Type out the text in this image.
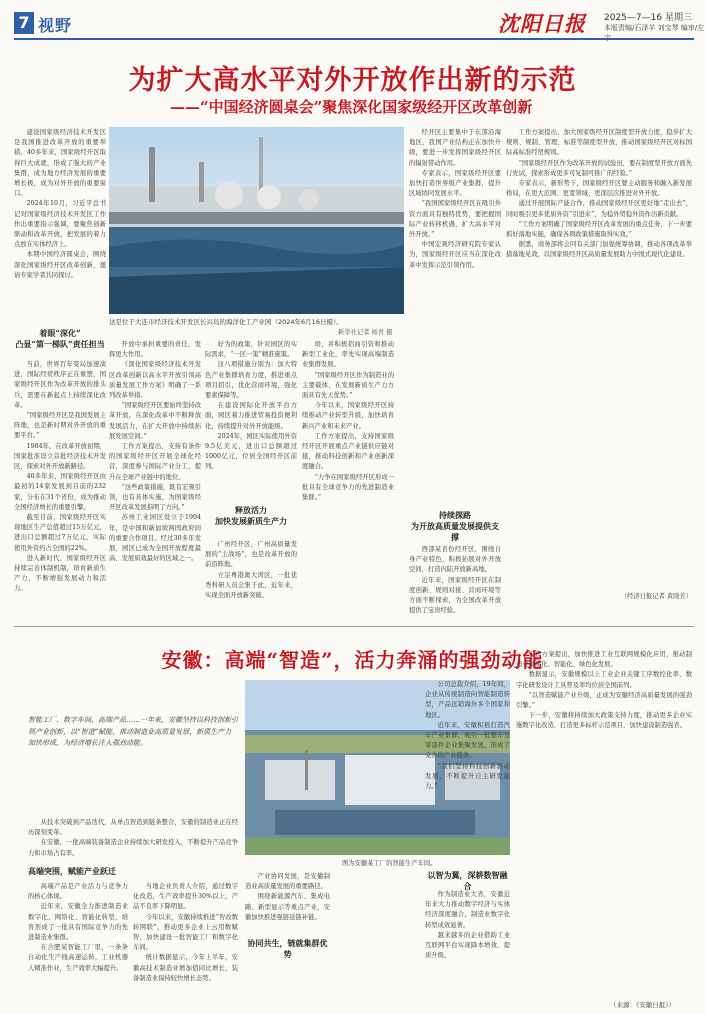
7 视野	沈阳日报 2025—7—16 星期三
本版责编/石泽羊 刘宝琴 编审/左
为扩大高水平对外开放作出新的示范
——“中国经济圆桌会”聚焦深化国家级经开区改革创新

建设国家级经济技术开发区是我国推进改革开放的重要举措，40多年来，国家级经开区取得巨大成就，形成了强大的产业集群，成为地方经济发展的重要增长极，成为对外开放的重要窗口。

2024年10月，习近平总书记对国家级经济技术开发区工作作出重要指示强调，要聚焦创新驱动和改革开放，把发展的着力点放在实体经济上。

本期中国经济圆桌会，围绕深化国家级经开区改革创新，邀请专家学者共同探讨。

着眼“深化”
凸显“第一梯队”责任担当

当前，世界百年变局加速演进，国际经贸秩序正在重塑，国家级经开区作为改革开放的排头兵，需要在新起点上持续深化改革。

“国家级经开区是我国发展主阵地，也是新时期对外开放的重要平台。”

1984年，在改革开放初期，国家批准设立首批经济技术开发区，探索对外开放新路径。

40多年来，国家级经开区由最初的14家发展到目前的232家，分布在31个省份，成为推动全国经济增长的重要引擎。

截至目前，国家级经开区实现地区生产总值超过15万亿元，进出口总额超过7万亿元，实际使用外资约占全国的22%。

进入新时代，国家级经开区持续完善体制机制，培育新质生产力，不断增强发展动力和活力。

这是位于大连市经济技术开发区长兴岛的海洋化工产业园（2024年6月16日摄）。
新华社记者 杨青 摄

开放中承担重要的责任，发挥更大作用。

《深化国家级经济技术开发区改革创新以高水平开放引领高质量发展工作方案》明确了一系列改革举措。

“国家级经开区要始终坚持改革开放，在深化改革中不断释放发展活力，在扩大开放中持续拓展发展空间。”

工作方案提出，支持有条件的国家级经开区开展全球化经营，深度参与国际产业分工，提升在全球产业链中的地位。

“这些政策措施，既有宏观引领，也有具体实施，为国家级经开区改革发展指明了方向。”

苏州工业园区设立于1994年，是中国和新加坡两国政府间的重要合作项目。经过30多年发展，园区已成为全国开放程度最高、发展质效最好的区域之一。

好为的政策，针对园区的实际需求，“一区一策”精准施策。

这八项措施分别为：加大特色产业集群培育力度，推进重点项目招引，优化营商环境，强化要素保障等。

在建设国际化开放平台方面，园区着力推进贸易投资便利化，持续提升对外开放能级。

2024年，园区实际使用外资9.5亿美元，进出口总额超过1000亿元，位居全国经开区前列。

释放活力
加快发展新质生产力

广州经开区，广州高质量发展的“主战场”，也是改革开放的前沿阵地。

立足粤港澳大湾区，一批优秀科研人员会集于此，近年来，实现全面开放新突破。

培，并积极招商引资和推动新型工业化，率先实现高端制造业集群发展。

“国家级经开区作为制造业的主要载体，在发展新质生产力方面具有先天优势。”

今年以来，国家级经开区持续推动产业转型升级，加快培育新兴产业和未来产业。

工作方案提出，支持国家级经开区开展重点产业链供应链对接，推动科技创新和产业创新深度融合。

“力争在国家级经开区形成一批具有全球竞争力的先进制造业集群。”

经开区主要集中于东部沿海地区，我国产业结构正在加快升级，要进一步发挥国家级经开区的辐射带动作用。

专家表示，国家级经开区要加快打造世界级产业集群，提升区域协同发展水平。

“我国国家级经开区在吸引外资方面具有独特优势，要把握国际产业转移机遇，扩大高水平对外开放。”

中国宏观经济研究院专家认为，国家级经开区应当在深化改革中发挥示范引领作用。

持续探路
为开放高质量发展提供支撑

西部某省份经开区，围绕自身产业特色，积极拓展对外开放空间，打造内陆开放新高地。

近年来，国家级经开区在制度创新、规则对接、营商环境等方面不断探索，为全国改革开放提供了宝贵经验。

工作方案提出，加大国家级经开区制度型开放力度，稳步扩大规则、规制、管理、标准等制度型开放，推动国家级经开区对标国际高标准经贸规则。

“国家级经开区作为改革开放的试验田，要在制度型开放方面先行先试，探索形成更多可复制可推广的经验。”

专家表示，新形势下，国家级经开区要主动服务和融入新发展格局，在更大范围、更宽领域、更深层次推进对外开放。

通过开展国际产能合作，推动国家级经开区更好地“走出去”，同时吸引更多优质外资“引进来”，为稳外贸稳外资作出新贡献。

“工作方案明确了国家级经开区改革发展的重点任务，下一步要抓好落地实施，确保各项政策措施取得实效。”

据悉，商务部将会同有关部门加强统筹协调，推动各项改革举措落地见效，以国家级经开区高质量发展助力中国式现代化建设。

（经济日报记者 黄晓芳）
安徽：高端“智造”，活力奔涌的强劲动能
智能工厂、数字车间、高端产品……一年来，安徽坚持以科技创新引领产业创新，以“智造”赋能，推动制造业高质量发展，新质生产力加快形成，为经济增长注入强劲动能。

从技术突破到产品迭代，从单点智造到链条整合，安徽的制造业正在经历深刻变革。

在安徽，一批高端装备制造企业持续加大研发投入，不断提升产品竞争力和市场占有率。

高端突围，赋能产业跃迁

高端产品是产业活力与竞争力的核心体现。

近年来，安徽全力推进制造业数字化、网络化、智能化转型，培育形成了一批具有国际竞争力的先进制造业集群。

在合肥某智能工厂里，一条条自动化生产线高速运转，工业机器人精准作业，生产效率大幅提升。

图为安徽某工厂的智能生产车间。

当地企业负责人介绍，通过数字化改造，生产效率提升30%以上，产品不良率下降明显。

今年以来，安徽持续推进“智改数转网联”，推动更多企业上云用数赋智，加快建设一批智能工厂和数字化车间。

统计数据显示，今年上半年，安徽高技术制造业增加值同比增长，装备制造业保持较快增长态势。

产业协同发展，是安徽制造业高质量发展的重要路径。

围绕新能源汽车、集成电路、新型显示等重点产业，安徽加快推进强链延链补链。

协同共生，链就集群优势

公司总裁介绍，19年间，企业从传统制造向智能制造转型，产品远销海外多个国家和地区。

近年来，安徽积极打造汽车产业集群，吸引一批整车及零部件企业集聚发展，形成了完善的产业链条。

“我们坚持科技创新驱动发展，不断提升自主研发能力。”

以智为翼，深耕数智融合

作为制造业大省，安徽近年来大力推动数字经济与实体经济深度融合，制造业数字化转型成效显著。

越来越多的企业借助工业互联网平台实现降本增效、提质升级。

工作方案提出，加快推进工业互联网规模化应用，推动制造业高端化、智能化、绿色化发展。

数据显示，安徽规模以上工业企业关键工序数控化率、数字化研发设计工具普及率均位居全国前列。

“以智造赋能产业升级，正成为安徽经济高质量发展的强劲引擎。”

下一步，安徽将持续加大政策支持力度，推动更多企业实施数字化改造，打造更多标杆示范项目，加快建设制造强省。

（来源：《安徽日报》）
